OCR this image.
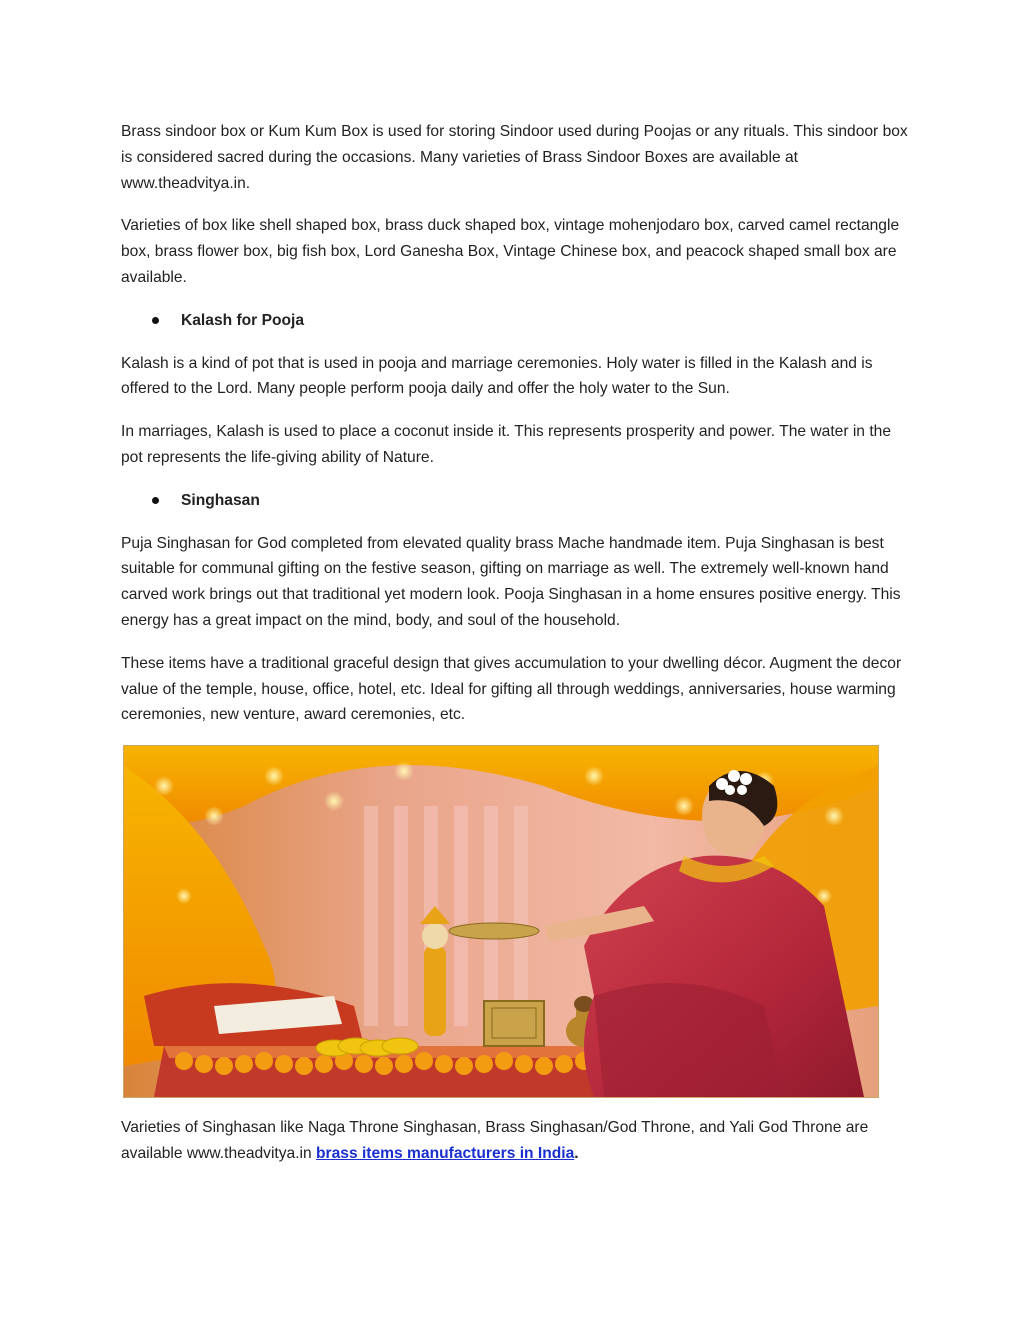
Brass sindoor box or Kum Kum Box is used for storing Sindoor used during Poojas or any rituals. This sindoor box is considered sacred during the occasions. Many varieties of Brass Sindoor Boxes are available at www.theadvitya.in.

Varieties of box like shell shaped box, brass duck shaped box, vintage mohenjodaro box, carved camel rectangle box, brass flower box, big fish box, Lord Ganesha Box, Vintage Chinese box, and peacock shaped small box are available.

Kalash for Pooja

Kalash is a kind of pot that is used in pooja and marriage ceremonies. Holy water is filled in the Kalash and is offered to the Lord. Many people perform pooja daily and offer the holy water to the Sun.

In marriages, Kalash is used to place a coconut inside it. This represents prosperity and power. The water in the pot represents the life-giving ability of Nature.

Singhasan

Puja Singhasan for God completed from elevated quality brass Mache handmade item. Puja Singhasan is best suitable for communal gifting on the festive season, gifting on marriage as well. The extremely well-known hand carved work brings out that traditional yet modern look. Pooja Singhasan in a home ensures positive energy. This energy has a great impact on the mind, body, and soul of the household.

These items have a traditional graceful design that gives accumulation to your dwelling décor. Augment the decor value of the temple, house, office, hotel, etc. Ideal for gifting all through weddings, anniversaries, house warming ceremonies, new venture, award ceremonies, etc.

Varieties of Singhasan like Naga Throne Singhasan, Brass Singhasan/God Throne, and Yali God Throne are available www.theadvitya.in brass items manufacturers in India.
